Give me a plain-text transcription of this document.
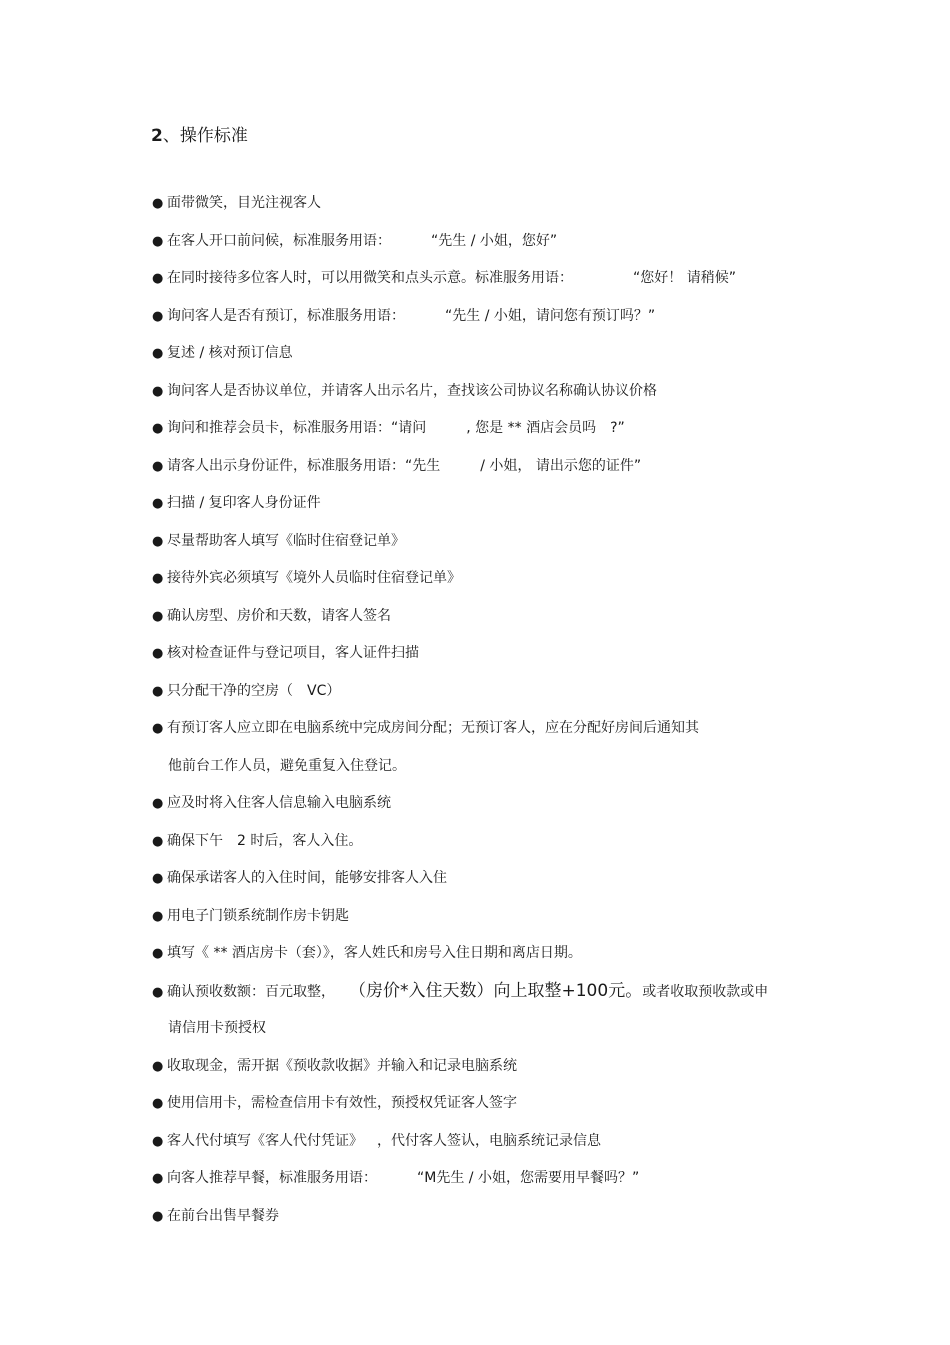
2、操作标准
● 面带微笑，目光注视客人
● 在客人开口前问候，标准服务用语：	“先生 / 小姐，您好”
● 在同时接待多位客人时，可以用微笑和点头示意。标准服务用语：	“您好！ 请稍候”
● 询问客人是否有预订，标准服务用语：	“先生 / 小姐，请问您有预订吗？”
● 复述 / 核对预订信息
● 询问客人是否协议单位，并请客人出示名片，查找该公司协议名称确认协议价格
● 询问和推荐会员卡，标准服务用语：“请问	, 您是 ** 酒店会员吗 ?”
● 请客人出示身份证件，标准服务用语：“先生	/ 小姐， 请出示您的证件”
● 扫描 / 复印客人身份证件
● 尽量帮助客人填写《临时住宿登记单》
● 接待外宾必须填写《境外人员临时住宿登记单》
● 确认房型、房价和天数，请客人签名
● 核对检查证件与登记项目，客人证件扫描
● 只分配干净的空房（ VC）
● 有预订客人应立即在电脑系统中完成房间分配；无预订客人，应在分配好房间后通知其
他前台工作人员，避免重复入住登记。
● 应及时将入住客人信息输入电脑系统
● 确保下午 2 时后，客人入住。
● 确保承诺客人的入住时间，能够安排客人入住
● 用电子门锁系统制作房卡钥匙
● 填写《 ** 酒店房卡（套）》，客人姓氏和房号入住日期和离店日期。
● 确认预收数额：百元取整， （房价*入住天数）向上取整+100元。或者收取预收款或申
请信用卡预授权
● 收取现金，需开据《预收款收据》并输入和记录电脑系统
● 使用信用卡，需检查信用卡有效性，预授权凭证客人签字
● 客人代付填写《客人代付凭证》 ，代付客人签认，电脑系统记录信息
● 向客人推荐早餐，标准服务用语：	“M先生 / 小姐，您需要用早餐吗？”
● 在前台出售早餐券
